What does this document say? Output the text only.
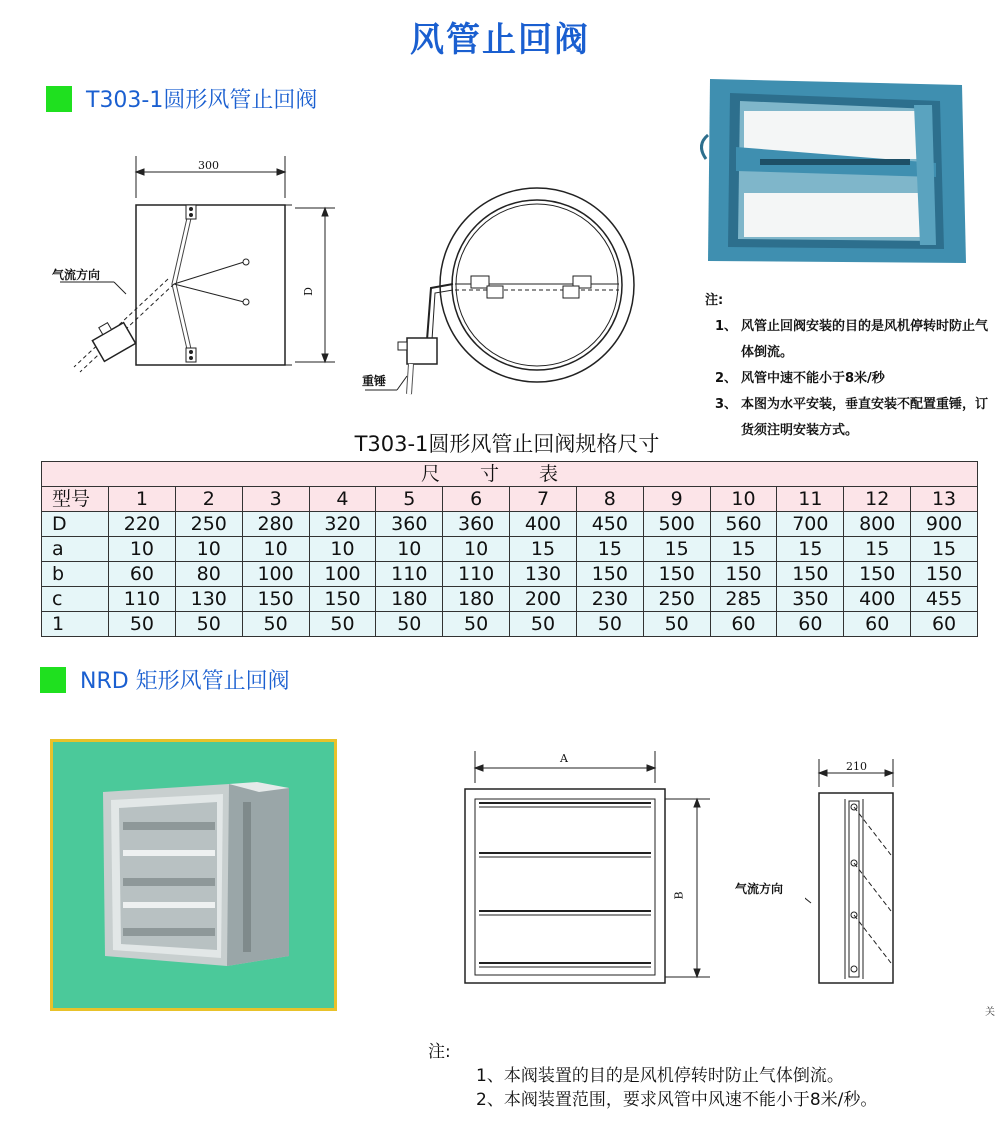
风管止回阀
T303-1圆形风管止回阀
300
D
气流方向
重锤
注:
1、 风管止回阀安装的目的是风机停转时防止气体倒流。
2、 风管中速不能小于8米/秒
3、 本图为水平安装，垂直安装不配置重锤，订货须注明安装方式。
T303-1圆形风管止回阀规格尺寸
尺寸表													
型号	1	2	3	4	5	6	7	8	9	10	11	12	13
D	220	250	280	320	360	360	400	450	500	560	700	800	900
a	10	10	10	10	10	10	15	15	15	15	15	15	15
b	60	80	100	100	110	110	130	150	150	150	150	150	150
c	110	130	150	150	180	180	200	230	250	285	350	400	455
1	50	50	50	50	50	50	50	50	50	60	60	60	60
NRD 矩形风管止回阀
A
B
210
气流方向
关
注:
1、本阀装置的目的是风机停转时防止气体倒流。
2、本阀装置范围，要求风管中风速不能小于8米/秒。
